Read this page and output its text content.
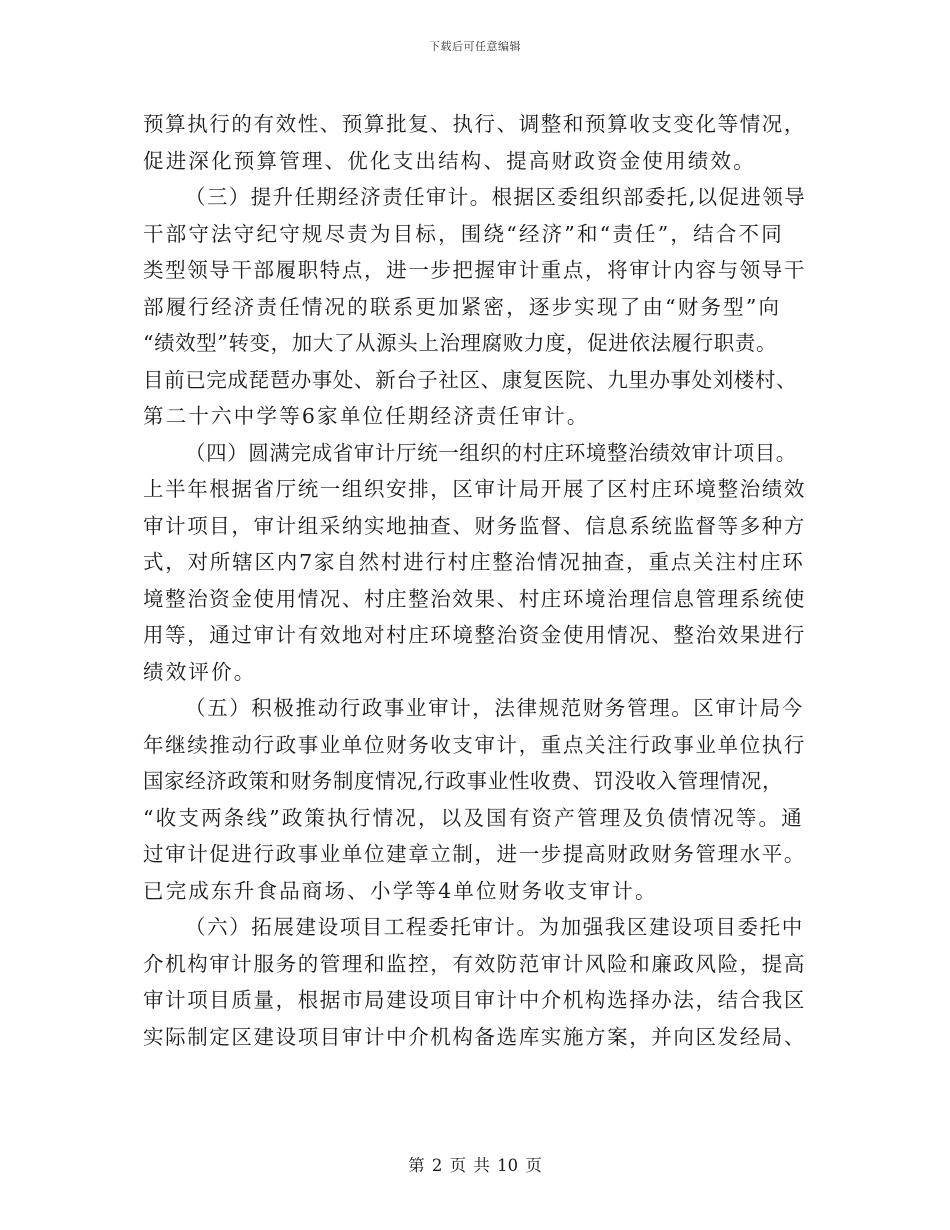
下载后可任意编辑
预算执行的有效性、预算批复、执行、调整和预算收支变化等情况，
促进深化预算管理、优化支出结构、提高财政资金使用绩效。
（三）提升任期经济责任审计。根据区委组织部委托,以促进领导
干部守法守纪守规尽责为目标，围绕“经济”和“责任”，结合不同
类型领导干部履职特点，进一步把握审计重点，将审计内容与领导干
部履行经济责任情况的联系更加紧密，逐步实现了由“财务型”向
“绩效型”转变，加大了从源头上治理腐败力度，促进依法履行职责。
目前已完成琵琶办事处、新台子社区、康复医院、九里办事处刘楼村、
第二十六中学等6家单位任期经济责任审计。
（四）圆满完成省审计厅统一组织的村庄环境整治绩效审计项目。
上半年根据省厅统一组织安排，区审计局开展了区村庄环境整治绩效
审计项目，审计组采纳实地抽查、财务监督、信息系统监督等多种方
式，对所辖区内7家自然村进行村庄整治情况抽查，重点关注村庄环
境整治资金使用情况、村庄整治效果、村庄环境治理信息管理系统使
用等，通过审计有效地对村庄环境整治资金使用情况、整治效果进行
绩效评价。
（五）积极推动行政事业审计，法律规范财务管理。区审计局今
年继续推动行政事业单位财务收支审计，重点关注行政事业单位执行
国家经济政策和财务制度情况,行政事业性收费、罚没收入管理情况，
“收支两条线”政策执行情况，以及国有资产管理及负债情况等。通
过审计促进行政事业单位建章立制，进一步提高财政财务管理水平。
已完成东升食品商场、小学等4单位财务收支审计。
（六）拓展建设项目工程委托审计。为加强我区建设项目委托中
介机构审计服务的管理和监控，有效防范审计风险和廉政风险，提高
审计项目质量，根据市局建设项目审计中介机构选择办法，结合我区
实际制定区建设项目审计中介机构备选库实施方案，并向区发经局、
第 2 页 共 10 页
